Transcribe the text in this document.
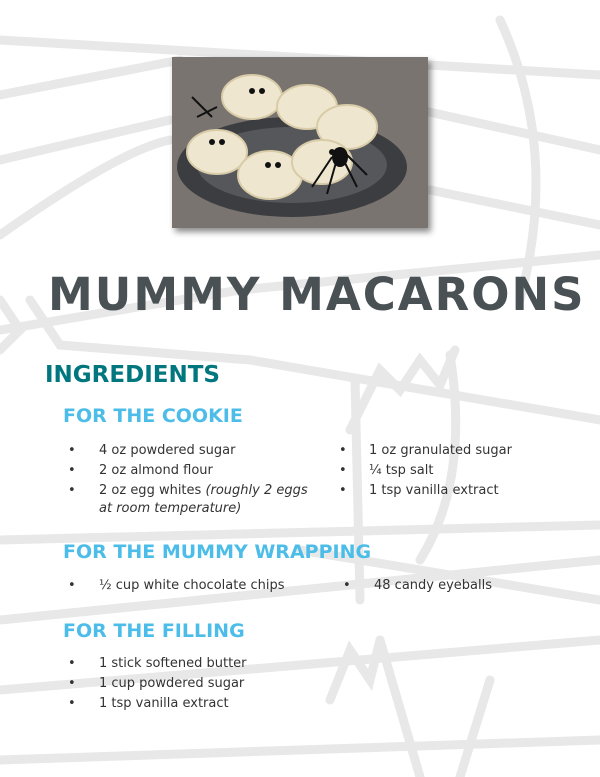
MUMMY MACARONS
INGREDIENTS
FOR THE COOKIE
• 4 oz powdered sugar
• 2 oz almond flour
• 2 oz egg whites (roughly 2 eggs
at room temperature)
• 1 oz granulated sugar
• ¼ tsp salt
• 1 tsp vanilla extract
FOR THE MUMMY WRAPPING
• ½ cup white chocolate chips	• 48 candy eyeballs
FOR THE FILLING
• 1 stick softened butter
• 1 cup powdered sugar
• 1 tsp vanilla extract
